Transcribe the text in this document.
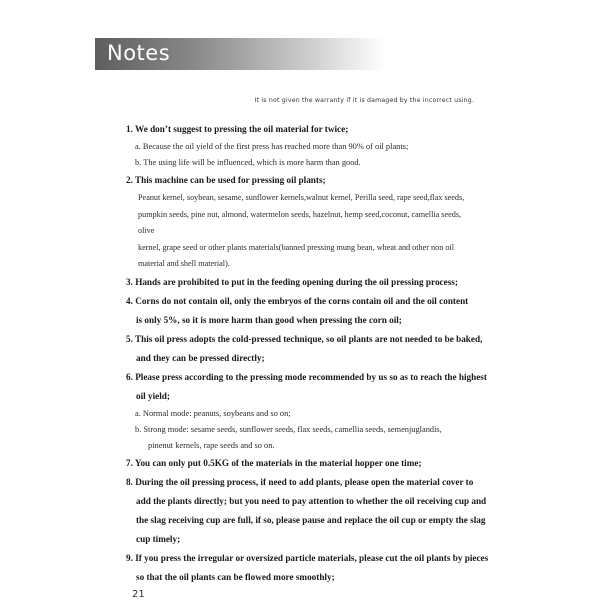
Notes
It is not given the warranty if it is damaged by the incorrect using.
1. We don’t suggest to pressing the oil material for twice;
a. Because the oil yield of the first press has reached more than 90% of oil plants;
b. The using life will be influenced, which is more harm than good.
2. This machine can be used for pressing oil plants;
Peanut kernel, soybean, sesame, sunflower kernels,walnut kernel, Perilla seed, rape seed,flax seeds,
pumpkin seeds, pine nut, almond, watermelon seeds, hazelnut, hemp seed,coconut, camellia seeds, olive
kernel, grape seed or other plants materials(banned pressing mung bean, wheat and other non oil
material and shell material).
3. Hands are prohibited to put in the feeding opening during the oil pressing process;
4. Corns do not contain oil, only the embryos of the corns contain oil and the oil content
is only 5%, so it is more harm than good when pressing the corn oil;
5. This oil press adopts the cold-pressed technique, so oil plants are not needed to be baked,
and they can be pressed directly;
6. Please press according to the pressing mode recommended by us so as to reach the highest
oil yield;
a. Normal mode: peanuts, soybeans and so on;
b. Strong mode: sesame seeds, sunflower seeds, flax seeds, camellia seeds, semenjuglandis,
pinenut kernels, rape seeds and so on.
7. You can only put 0.5KG of the materials in the material hopper one time;
8. During the oil pressing process, if need to add plants, please open the material cover to
add the plants directly; but you need to pay attention to whether the oil receiving cup and
the slag receiving cup are full, if so, please pause and replace the oil cup or empty the slag
cup timely;
9. If you press the irregular or oversized particle materials, please cut the oil plants by pieces
so that the oil plants can be flowed more smoothly;
21
